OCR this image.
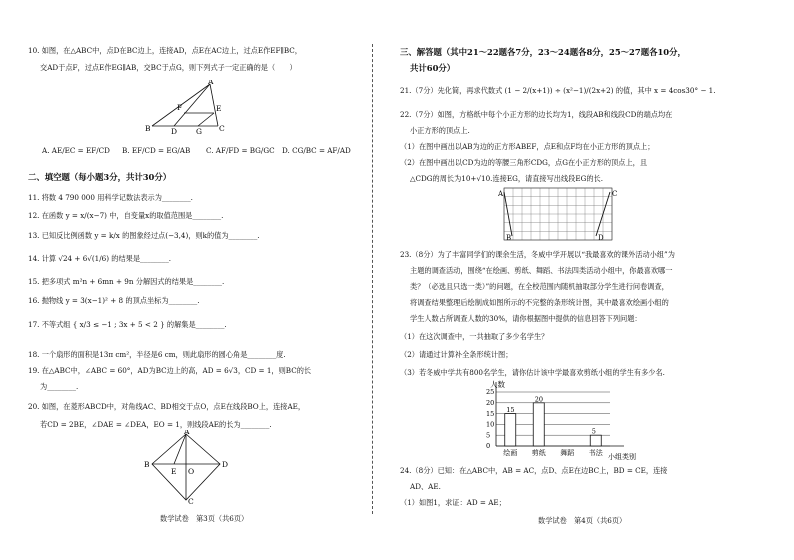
10. 如图，在△ABC中，点D在BC边上，连接AD，点E在AC边上，过点E作EF∥BC，
交AD于点F，过点E作EG∥AB，交BC于点G，则下列式子一定正确的是（　　）
A
F	E
B	D	G C
A. AE/EC = EF/CD B. EF/CD = EG/AB C. AF/FD = BG/GC D. CG/BC = AF/AD
二、填空题（每小题3分，共计30分）
11. 将数 4 790 000 用科学记数法表示为________.
12. 在函数 y = x/(x−7) 中，自变量x的取值范围是________.
13. 已知反比例函数 y = k/x 的图象经过点(−3,4)，则k的值为________.
14. 计算 √24 + 6√(1/6) 的结果是________.
15. 把多项式 m²n + 6mn + 9n 分解因式的结果是________.
16. 抛物线 y = 3(x−1)² + 8 的顶点坐标为________.
17. 不等式组 { x/3 ≤ −1 ; 3x + 5 < 2 } 的解集是________.
18. 一个扇形的面积是13π cm²，半径是6 cm，则此扇形的圆心角是________度.
19. 在△ABC中，∠ABC = 60°，AD为BC边上的高，AD = 6√3，CD = 1，则BC的长
为________.
20. 如图，在菱形ABCD中，对角线AC、BD相交于点O，点E在线段BO上，连接AE，
若CD = 2BE，∠DAE = ∠DEA，EO = 1，则线段AE的长为________.
A
B
E O
D
C
数学试卷　第3页（共6页）
三、解答题（其中21～22题各7分，23～24题各8分，25～27题各10分，
共计60分）
21.（7分）先化简，再求代数式 (1 − 2/(x+1)) ÷ (x²−1)/(2x+2) 的值，其中 x = 4cos30° − 1.
22.（7分）如图，方格纸中每个小正方形的边长均为1，线段AB和线段CD的端点均在
小正方形的顶点上.
（1）在图中画出以AB为边的正方形ABEF，点E和点F均在小正方形的顶点上；
（2）在图中画出以CD为边的等腰三角形CDG，点G在小正方形的顶点上，且
△CDG的周长为10+√10.连接EG，请直接写出线段EG的长.
A	C
B	D
23.（8分）为了丰富同学们的课余生活，冬威中学开展以“我最喜欢的课外活动小组”为
主题的调查活动，围绕“在绘画、剪纸、舞蹈、书法四类活动小组中，你最喜欢哪一
类？（必选且只选一类）”的问题，在全校范围内随机抽取部分学生进行问卷调查，
将调查结果整理后绘制成如图所示的不完整的条形统计图，其中最喜欢绘画小组的
学生人数占所调查人数的30%，请你根据图中提供的信息回答下列问题：
（1）在这次调查中，一共抽取了多少名学生？
（2）请通过计算补全条形统计图；
（3）若冬威中学共有800名学生，请你估计该中学最喜欢剪纸小组的学生有多少名.
15
20
5
0
5
10
15
20
25
绘画 剪纸 舞蹈 书法
人数
小组类别
24.（8分）已知：在△ABC中，AB = AC，点D、点E在边BC上，BD = CE，连接
AD、AE.
（1）如图1，求证：AD = AE；
数学试卷　第4页（共6页）
